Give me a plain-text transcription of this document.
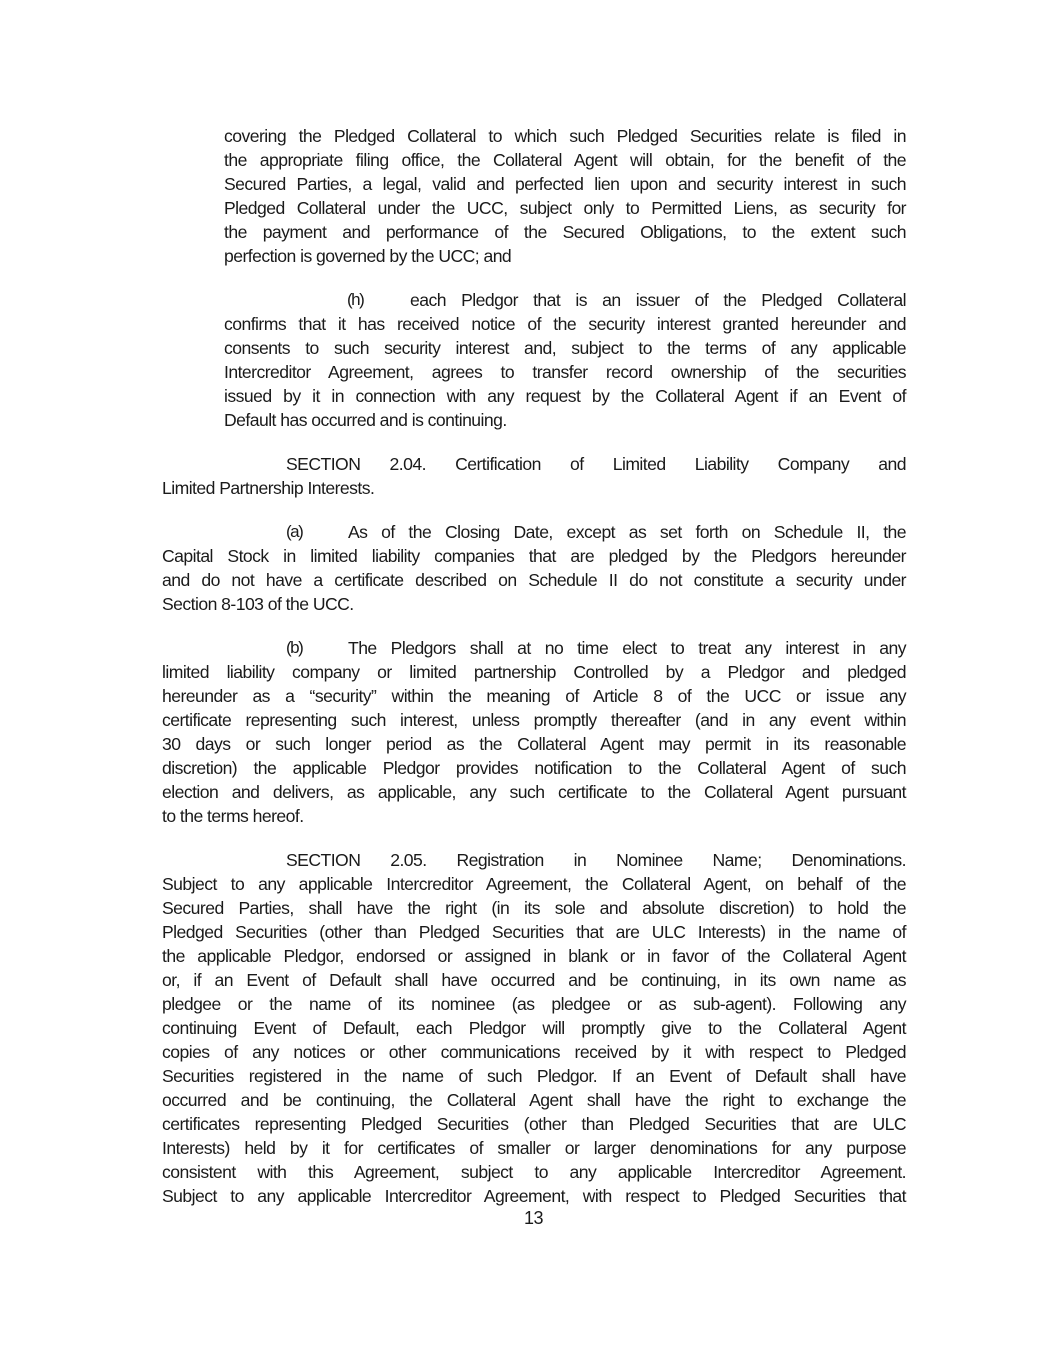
covering the Pledged Collateral to which such Pledged Securities relate is filed in
the appropriate filing office, the Collateral Agent will obtain, for the benefit of the
Secured Parties, a legal, valid and perfected lien upon and security interest in such
Pledged Collateral under the UCC, subject only to Permitted Liens, as security for
the payment and performance of the Secured Obligations, to the extent such
perfection is governed by the UCC; and
(h)	each Pledgor that is an issuer of the Pledged Collateral
confirms that it has received notice of the security interest granted hereunder and
consents to such security interest and, subject to the terms of any applicable
Intercreditor Agreement, agrees to transfer record ownership of the securities
issued by it in connection with any request by the Collateral Agent if an Event of
Default has occurred and is continuing.
SECTION 2.04. Certification of Limited Liability Company and
Limited Partnership Interests.
(a)	As of the Closing Date, except as set forth on Schedule II, the
Capital Stock in limited liability companies that are pledged by the Pledgors hereunder
and do not have a certificate described on Schedule II do not constitute a security under
Section 8-103 of the UCC.
(b)	The Pledgors shall at no time elect to treat any interest in any
limited liability company or limited partnership Controlled by a Pledgor and pledged
hereunder as a “security” within the meaning of Article 8 of the UCC or issue any
certificate representing such interest, unless promptly thereafter (and in any event within
30 days or such longer period as the Collateral Agent may permit in its reasonable
discretion) the applicable Pledgor provides notification to the Collateral Agent of such
election and delivers, as applicable, any such certificate to the Collateral Agent pursuant
to the terms hereof.
SECTION 2.05. Registration in Nominee Name; Denominations.
Subject to any applicable Intercreditor Agreement, the Collateral Agent, on behalf of the
Secured Parties, shall have the right (in its sole and absolute discretion) to hold the
Pledged Securities (other than Pledged Securities that are ULC Interests) in the name of
the applicable Pledgor, endorsed or assigned in blank or in favor of the Collateral Agent
or, if an Event of Default shall have occurred and be continuing, in its own name as
pledgee or the name of its nominee (as pledgee or as sub-agent). Following any
continuing Event of Default, each Pledgor will promptly give to the Collateral Agent
copies of any notices or other communications received by it with respect to Pledged
Securities registered in the name of such Pledgor. If an Event of Default shall have
occurred and be continuing, the Collateral Agent shall have the right to exchange the
certificates representing Pledged Securities (other than Pledged Securities that are ULC
Interests) held by it for certificates of smaller or larger denominations for any purpose
consistent with this Agreement, subject to any applicable Intercreditor Agreement.
Subject to any applicable Intercreditor Agreement, with respect to Pledged Securities that
13
